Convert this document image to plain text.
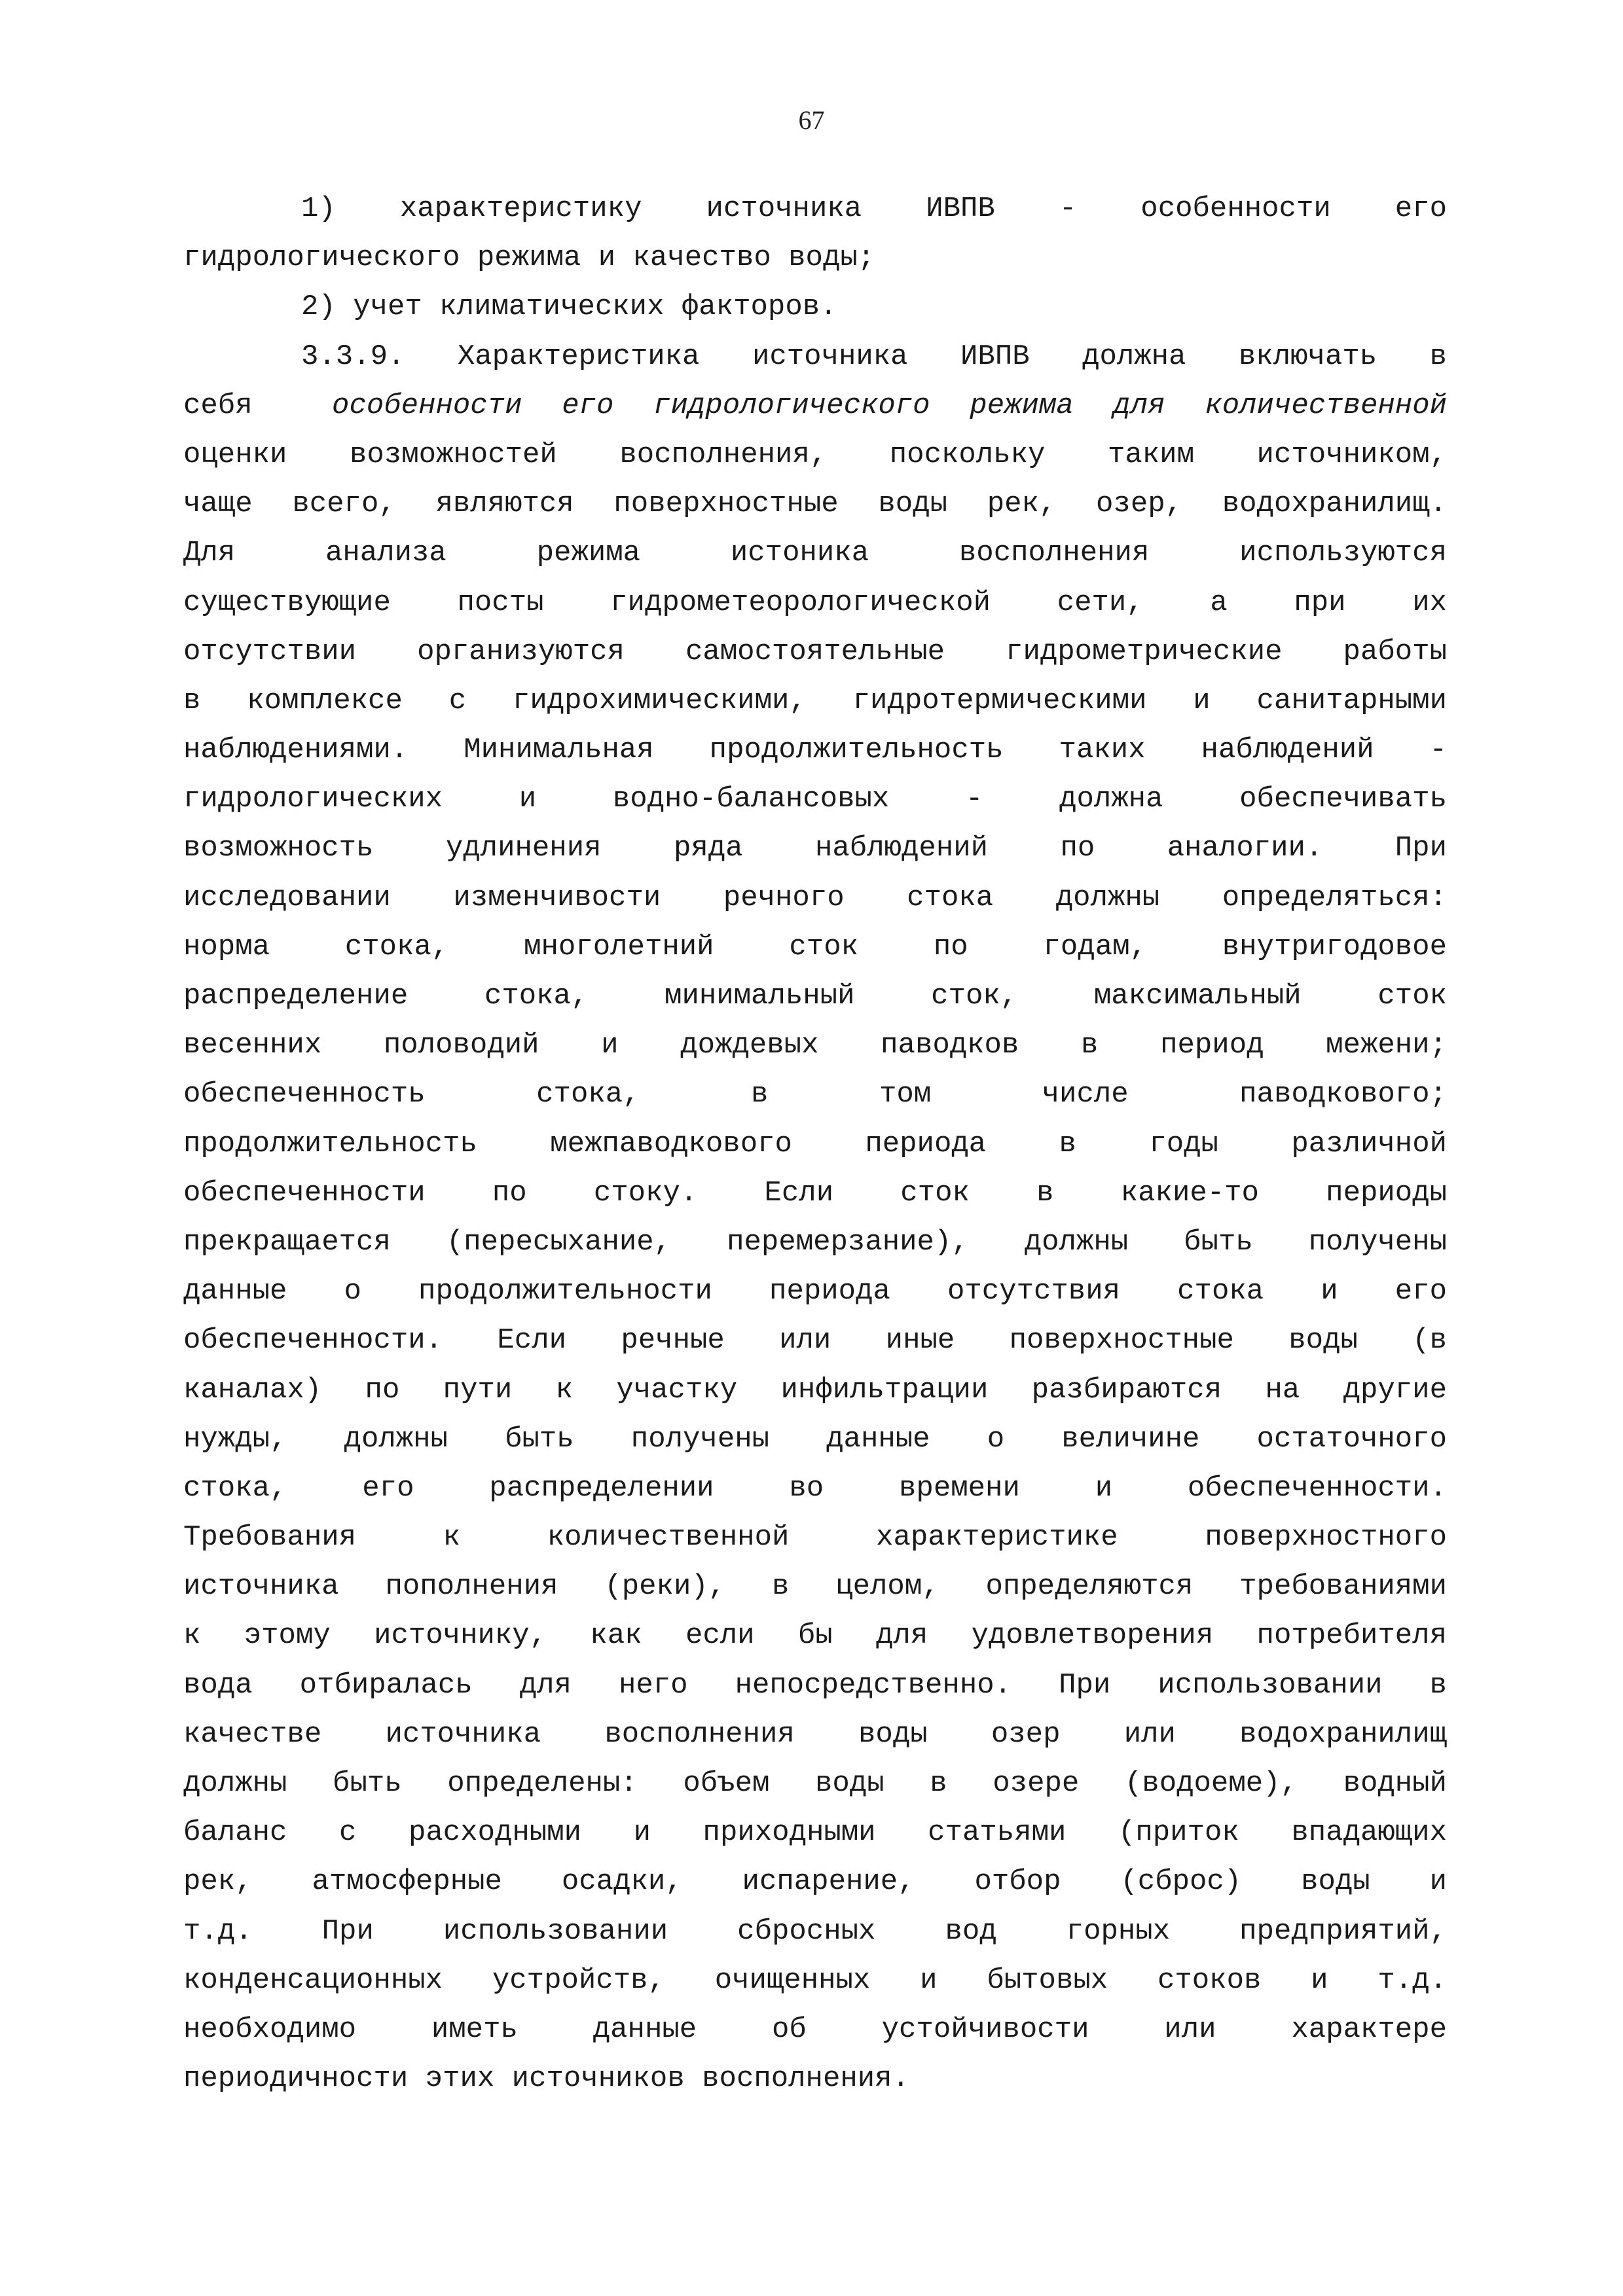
67
1) характеристику источника ИВПВ - особенности его
гидрологического режима и качество воды;
2) учет климатических факторов.
3.3.9. Характеристика источника ИВПВ должна включать в
себя	особенности его гидрологического режима для количественной
оценки возможностей восполнения, поскольку таким источником,
чаще всего, являются поверхностные воды рек, озер, водохранилищ.
Для анализа режима истоника восполнения используются
существующие посты гидрометеорологической сети, а при их
отсутствии организуются самостоятельные гидрометрические работы
в комплексе с гидрохимическими, гидротермическими и санитарными
наблюдениями. Минимальная продолжительность таких наблюдений -
гидрологических и водно-балансовых - должна обеспечивать
возможность удлинения ряда наблюдений по аналогии. При
исследовании изменчивости речного стока должны определяться:
норма стока, многолетний сток по годам, внутригодовое
распределение стока, минимальный сток, максимальный сток
весенних половодий и дождевых паводков в период межени;
обеспеченность стока, в том числе паводкового;
продолжительность межпаводкового периода в годы различной
обеспеченности по стоку. Если сток в какие-то периоды
прекращается (пересыхание, перемерзание), должны быть получены
данные о продолжительности периода отсутствия стока и его
обеспеченности. Если речные или иные поверхностные воды (в
каналах) по пути к участку инфильтрации разбираются на другие
нужды, должны быть получены данные о величине остаточного
стока, его распределении во времени и обеспеченности.
Требования к количественной характеристике поверхностного
источника пополнения (реки), в целом, определяются требованиями
к этому источнику, как если бы для удовлетворения потребителя
вода отбиралась для него непосредственно. При использовании в
качестве источника восполнения воды озер или водохранилищ
должны быть определены: объем воды в озере (водоеме), водный
баланс с расходными и приходными статьями (приток впадающих
рек, атмосферные осадки, испарение, отбор (сброс) воды и
т.д. При использовании сбросных вод горных предприятий,
конденсационных устройств, очищенных и бытовых стоков и т.д.
необходимо иметь данные об устойчивости или характере
периодичности этих источников восполнения.
